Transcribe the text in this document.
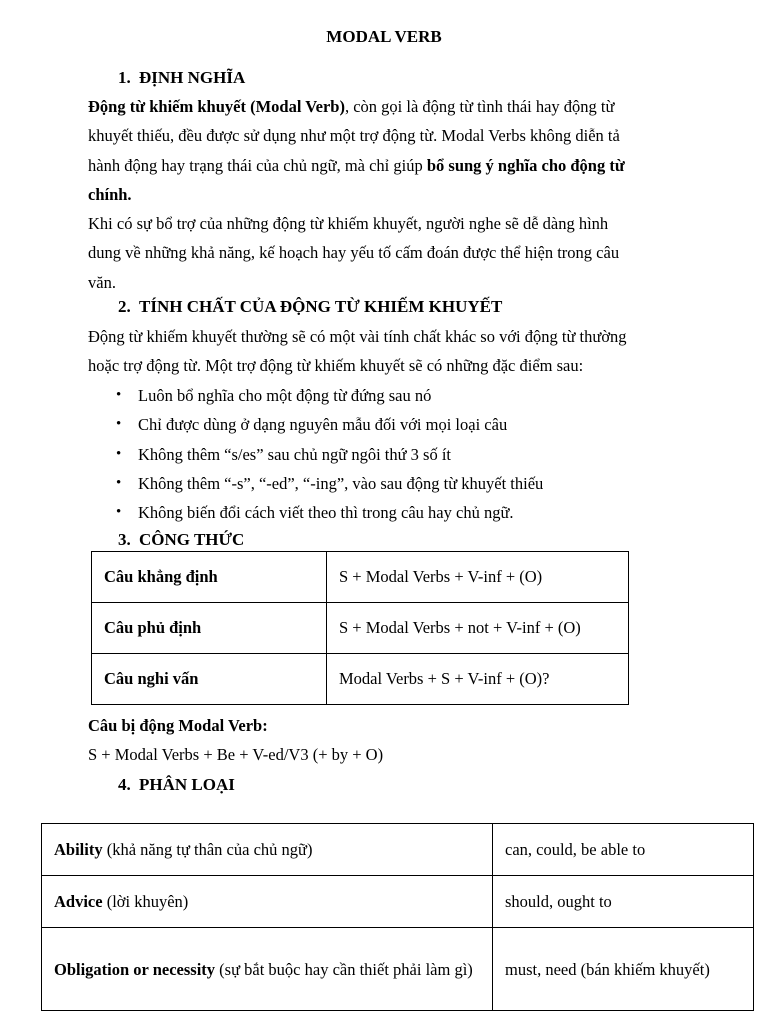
MODAL VERB
1. ĐỊNH NGHĨA
Động từ khiếm khuyết (Modal Verb), còn gọi là động từ tình thái hay động từ
khuyết thiếu, đều được sử dụng như một trợ động từ. Modal Verbs không diễn tả
hành động hay trạng thái của chủ ngữ, mà chỉ giúp bổ sung ý nghĩa cho động từ
chính.
Khi có sự bổ trợ của những động từ khiếm khuyết, người nghe sẽ dễ dàng hình
dung về những khả năng, kế hoạch hay yếu tố cấm đoán được thể hiện trong câu
văn.
2. TÍNH CHẤT CỦA ĐỘNG TỪ KHIẾM KHUYẾT
Động từ khiếm khuyết thường sẽ có một vài tính chất khác so với động từ thường
hoặc trợ động từ. Một trợ động từ khiếm khuyết sẽ có những đặc điểm sau:
• Luôn bổ nghĩa cho một động từ đứng sau nó
• Chỉ được dùng ở dạng nguyên mẫu đối với mọi loại câu
• Không thêm “s/es” sau chủ ngữ ngôi thứ 3 số ít
• Không thêm “-s”, “-ed”, “-ing”, vào sau động từ khuyết thiếu
• Không biến đổi cách viết theo thì trong câu hay chủ ngữ.
3. CÔNG THỨC
Câu khẳng định	S + Modal Verbs + V-inf + (O)
Câu phủ định	S + Modal Verbs + not + V-inf + (O)
Câu nghi vấn	Modal Verbs + S + V-inf + (O)?
Câu bị động Modal Verb:
S + Modal Verbs + Be + V-ed/V3 (+ by + O)
4. PHÂN LOẠI
Ability (khả năng tự thân của chủ ngữ)	can, could, be able to
Advice (lời khuyên)	should, ought to
Obligation or necessity (sự bắt buộc hay cần thiết phải làm gì)	must, need (bán khiếm khuyết)
